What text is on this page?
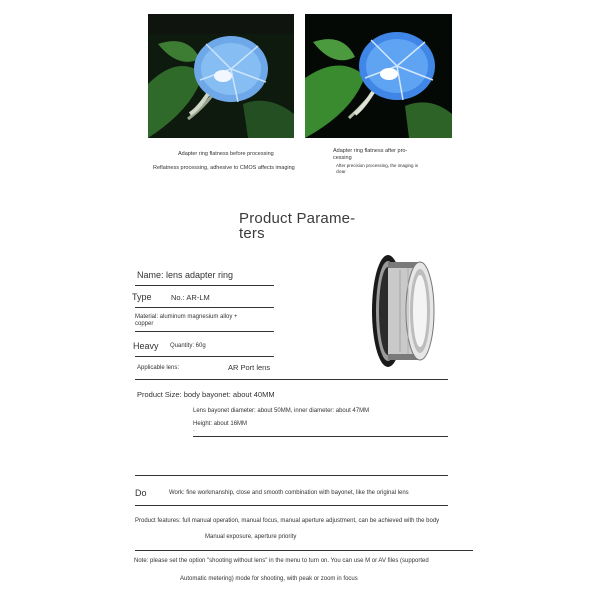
Adapter ring flatness before processing
Reflatness processing, adhesive to CMOS affects imaging
Adapter ring flatness after pro-
cessing
After precision processing, the imaging is
clear
Product Parame-
ters
Name: lens adapter ring
Type	No.: AR-LM
Material: aluminum magnesium alloy +
copper
Heavy Quantity: 60g
Applicable lens:	AR Port lens
Product Size: body bayonet: about 40MM
Lens bayonet diameter: about 50MM, inner diameter: about 47MM
Height: about 16MM
·
Do	Work: fine workmanship, close and smooth combination with bayonet, like the original lens
Product features: full manual operation, manual focus, manual aperture adjustment, can be achieved with the body
Manual exposure, aperture priority
Note: please set the option "shooting without lens" in the menu to turn on. You can use M or AV files (supported
Automatic metering) mode for shooting, with peak or zoom in focus
